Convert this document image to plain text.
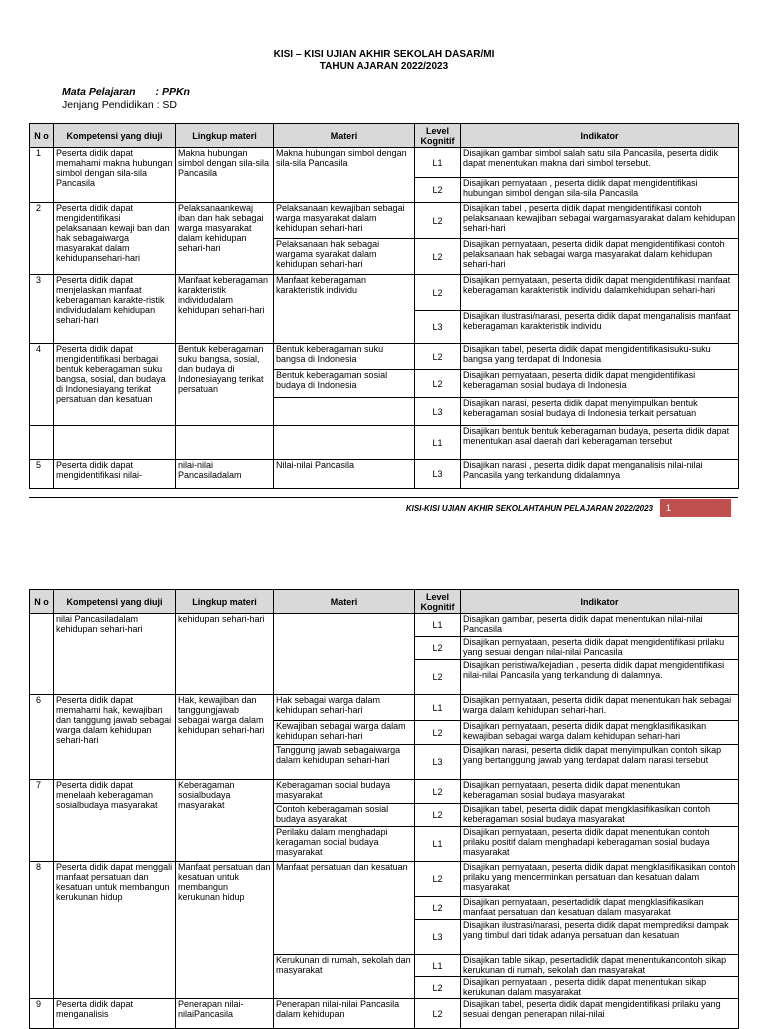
KISI – KISI UJIAN AKHIR SEKOLAH DASAR/MI
TAHUN AJARAN 2022/2023
Mata Pelajaran : PPKn
Jenjang Pendidikan : SD
N o	Kompetensi yang diuji	Lingkup materi	Materi	Level Kognitif	Indikator
1	Peserta didik dapat memahami makna hubungan simbol dengan sila-sila Pancasila	Makna hubungan simbol dengan sila-sila Pancasila	Makna hubungan simbol dengan sila-sila Pancasila	L1	Disajikan gambar simbol salah satu sila Pancasila, peserta didik dapat menentukan makna dari simbol tersebut.
				L2	Disajikan pernyataan , peserta didik dapat mengidentifikasi hubungan simbol dengan sila-sila Pancasila
2	Peserta didik dapat mengidentifikasi pelaksanaan kewaji ban dan hak sebagaiwarga masyarakat dalam kehidupansehari-hari	Pelaksanaankewaj iban dan hak sebagai warga masyarakat dalam kehidupan sehari-hari	Pelaksanaan kewajiban sebagai warga masyarakat dalam kehidupan sehari-hari	L2	Disajikan tabel , peserta didik dapat mengidentifikasi contoh pelaksanaan kewajiban sebagai wargamasyarakat dalam kehidupan sehari-hari
			Pelaksanaan hak sebagai wargama syarakat dalam kehidupan sehari-hari	L2	Disajikan pernyataan, peserta didik dapat mengidentifikasi contoh pelaksanaan hak sebagai warga masyarakat dalam kehidupan sehari-hari
3	Peserta didik dapat menjelaskan manfaat keberagaman karakte-ristik individudalam kehidupan sehari-hari	Manfaat keberagaman karakteristik individudalam kehidupan sehari-hari	Manfaat keberagaman karakteristik individu	L2	Disajikan pernyataan, peserta didik dapat mengidentifikasi manfaat keberagaman karakteristik individu dalamkehidupan sehari-hari
				L3	Disajikan ilustrasi/narasi, peserta didik dapat menganalisis manfaat keberagaman karakteristik individu
4	Peserta didik dapat mengidentifikasi berbagai bentuk keberagaman suku bangsa, sosial, dan budaya di Indonesiayang terikat persatuan dan kesatuan	Bentuk keberagaman suku bangsa, sosial, dan budaya di Indonesiayang terikat persatuan	Bentuk keberagaman suku bangsa di Indonesia	L2	Disajikan tabel, peserta didik dapat mengidentifikasisuku-suku bangsa yang terdapat di Indonesia
			Bentuk keberagaman sosial budaya di Indonesia	L2	Disajikan pernyataan, peserta didik dapat mengidentifikasi keberagaman sosial budaya di Indonesia
				L3	Disajikan narasi, peserta didik dapat menyimpulkan bentuk keberagaman sosial budaya di Indonesia terkait persatuan
				L1	Disajikan bentuk bentuk keberagaman budaya, peserta didik dapat menentukan asal daerah dari keberagaman tersebut
5	Peserta didik dapat mengidentifikasi nilai-	nilai-nilai Pancasiladalam	Nilai-nilai Pancasila	L3	Disajikan narasi , peserta didik dapat menganalisis nilai-nilai Pancasila yang terkandung didalamnya
KISI-KISI UJIAN AKHIR SEKOLAHTAHUN PELAJARAN 2022/2023	1
N o	Kompetensi yang diuji	Lingkup materi	Materi	Level Kognitif	Indikator
	nilai Pancasiladalam kehidupan sehari-hari	kehidupan sehari-hari		L1	Disajikan gambar, peserta didik dapat menentukan nilai-nilai Pancasila
				L2	Disajikan pernyataan, peserta didik dapat mengidentifikasi prilaku yang sesuai dengan nilai-nilai Pancasila
				L2	Disajikan peristiwa/kejadian , peserta didik dapat mengidentifikasi nilai-nilai Pancasila yang terkandung di dalamnya.
6	Peserta didik dapat memahami hak, kewajiban dan tanggung jawab sebagai warga dalam kehidupan sehari-hari	Hak, kewajiban dan tanggungjawab sebagai warga dalam kehidupan sehari-hari	Hak sebagai warga dalam kehidupan sehari-hari	L1	Disajikan pernyataan, peserta didik dapat menentukan hak sebagai warga dalam kehidupan sehari-hari.
			Kewajiban sebagai warga dalam kehidupan sehari-hari	L2	Disajikan pernyataan, peserta didik dapat mengklasifikasikan kewajiban sebagai warga dalam kehidupan sehari-hari
			Tanggung jawab sebagaiwarga dalam kehidupan sehari-hari	L3	Disajikan narasi, peserta didik dapat menyimpulkan contoh sikap yang bertanggung jawab yang terdapat dalam narasi tersebut
7	Peserta didik dapat menelaah keberagaman sosialbudaya masyarakat	Keberagaman sosialbudaya masyarakat	Keberagaman social budaya masyarakat	L2	Disajikan pernyataan, peserta didik dapat menentukan keberagaman sosial budaya masyarakat
			Contoh keberagaman sosial budaya asyarakat	L2	Disajikan tabel, peserta didik dapat mengklasifikasikan contoh keberagaman sosial budaya masyarakat
			Perilaku dalam menghadapi keragaman social budaya masyarakat	L1	Disajikan pernyataan, peserta didik dapat menentukan contoh prilaku positif dalam menghadapi keberagaman sosial budaya masyarakat
8	Peserta didik dapat menggali manfaat persatuan dan kesatuan untuk membangun kerukunan hidup	Manfaat persatuan dan kesatuan untuk membangun kerukunan hidup	Manfaat persatuan dan kesatuan	L2	Disajikan pernyataan, peserta didik dapat mengklasifikasikan contoh prilaku yang mencerminkan persatuan dan kesatuan dalam masyarakat
				L2	Disajikan pernyataan, pesertadidik dapat mengklasifikasikan manfaat persatuan dan kesatuan dalam masyarakat
				L3	Disajikan ilustrasi/narasi, peserta didik dapat memprediksi dampak yang timbul dari tidak adanya persatuan dan kesatuan
			Kerukunan di rumah, sekolah dan masyarakat	L1	Disajikan table sikap, pesertadidik dapat menentukancontoh sikap kerukunan di rumah, sekolah dan masyarakat
				L2	Disajikan pernyataan , peserta didik dapat menentukan sikap kerukunan dalam masyarakat
9	Peserta didik dapat menganalisis	Penerapan nilai-nilaiPancasila	Penerapan nilai-nilai Pancasila dalam kehidupan	L2	Disajikan tabel, peserta didik dapat mengidentifikasi prilaku yang sesuai dengan penerapan nilai-nilai
